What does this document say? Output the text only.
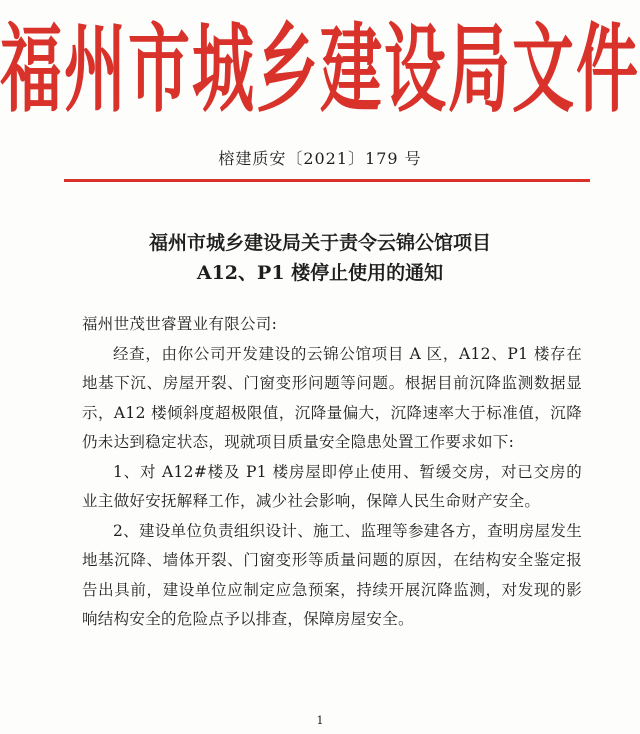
福州市城乡建设局文件
榕建质安〔2021〕179 号
福州市城乡建设局关于责令云锦公馆项目
A12、P1 楼停止使用的通知

福州世茂世睿置业有限公司:

经查，由你公司开发建设的云锦公馆项目 A 区，A12、P1 楼存在地基下沉、房屋开裂、门窗变形问题等问题。根据目前沉降监测数据显示，A12 楼倾斜度超极限值，沉降量偏大，沉降速率大于标准值，沉降仍未达到稳定状态，现就项目质量安全隐患处置工作要求如下:

1、对 A12#楼及 P1 楼房屋即停止使用、暂缓交房，对已交房的业主做好安抚解释工作，减少社会影响，保障人民生命财产安全。

2、建设单位负责组织设计、施工、监理等参建各方，查明房屋发生地基沉降、墙体开裂、门窗变形等质量问题的原因，在结构安全鉴定报告出具前，建设单位应制定应急预案，持续开展沉降监测，对发现的影响结构安全的危险点予以排查，保障房屋安全。

1
